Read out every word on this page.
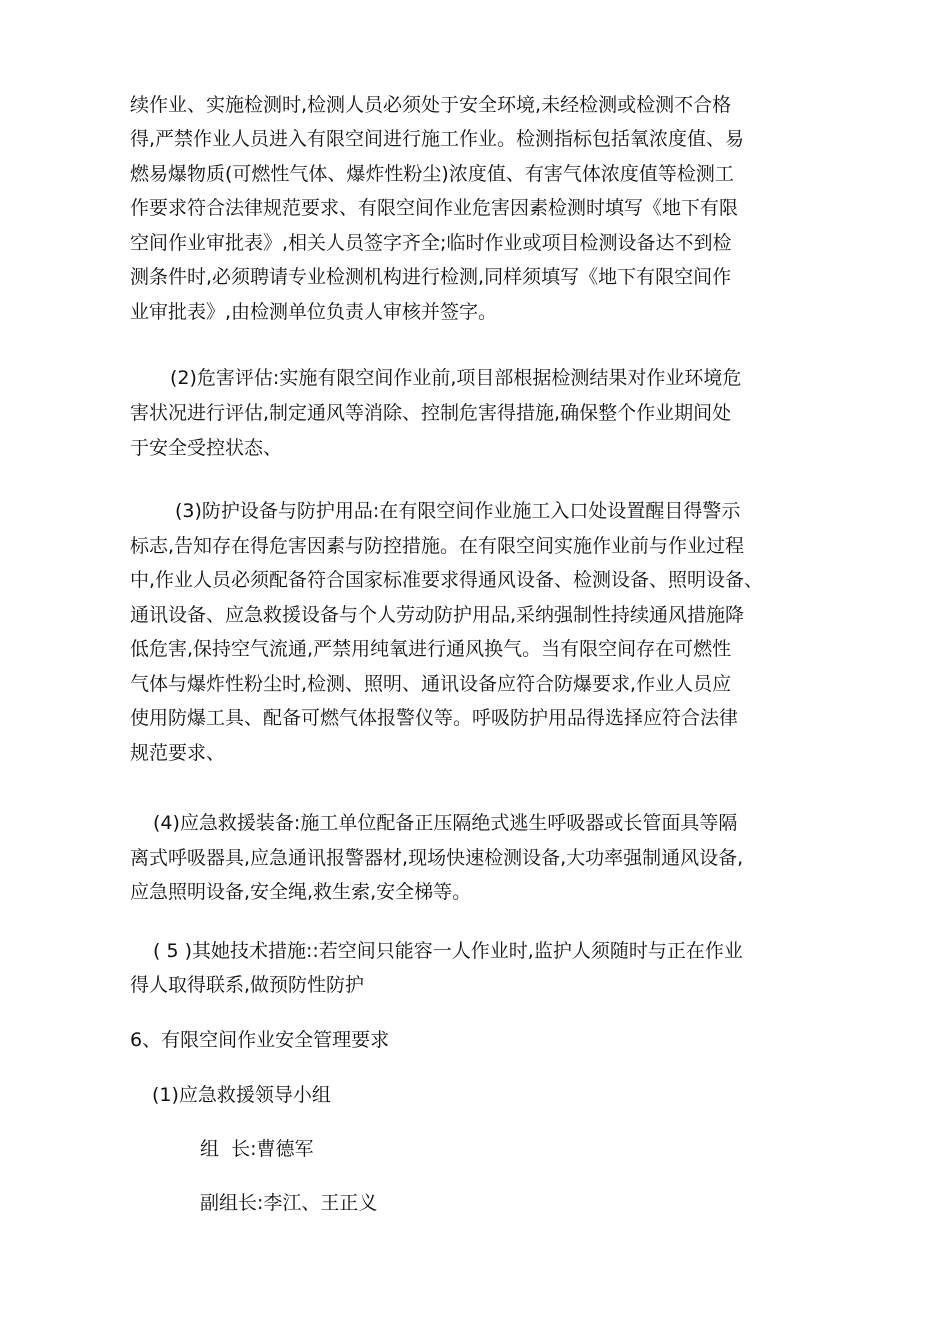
续作业、实施检测时,检测人员必须处于安全环境,未经检测或检测不合格
得,严禁作业人员进入有限空间进行施工作业。检测指标包括氧浓度值、易
燃易爆物质(可燃性气体、爆炸性粉尘)浓度值、有害气体浓度值等检测工
作要求符合法律规范要求、有限空间作业危害因素检测时填写《地下有限
空间作业审批表》,相关人员签字齐全;临时作业或项目检测设备达不到检
测条件时,必须聘请专业检测机构进行检测,同样须填写《地下有限空间作
业审批表》,由检测单位负责人审核并签字。
(2)危害评估:实施有限空间作业前,项目部根据检测结果对作业环境危
害状况进行评估,制定通风等消除、控制危害得措施,确保整个作业期间处
于安全受控状态、
(3)防护设备与防护用品:在有限空间作业施工入口处设置醒目得警示
标志,告知存在得危害因素与防控措施。在有限空间实施作业前与作业过程
中,作业人员必须配备符合国家标准要求得通风设备、检测设备、照明设备、
通讯设备、应急救援设备与个人劳动防护用品,采纳强制性持续通风措施降
低危害,保持空气流通,严禁用纯氧进行通风换气。当有限空间存在可燃性
气体与爆炸性粉尘时,检测、照明、通讯设备应符合防爆要求,作业人员应
使用防爆工具、配备可燃气体报警仪等。呼吸防护用品得选择应符合法律
规范要求、
(4)应急救援装备:施工单位配备正压隔绝式逃生呼吸器或长管面具等隔
离式呼吸器具,应急通讯报警器材,现场快速检测设备,大功率强制通风设备,
应急照明设备,安全绳,救生索,安全梯等。
( 5 )其她技术措施::若空间只能容一人作业时,监护人须随时与正在作业
得人取得联系,做预防性防护
6、有限空间作业安全管理要求
(1)应急救援领导小组
组  长:曹德军
副组长:李江、王正义
